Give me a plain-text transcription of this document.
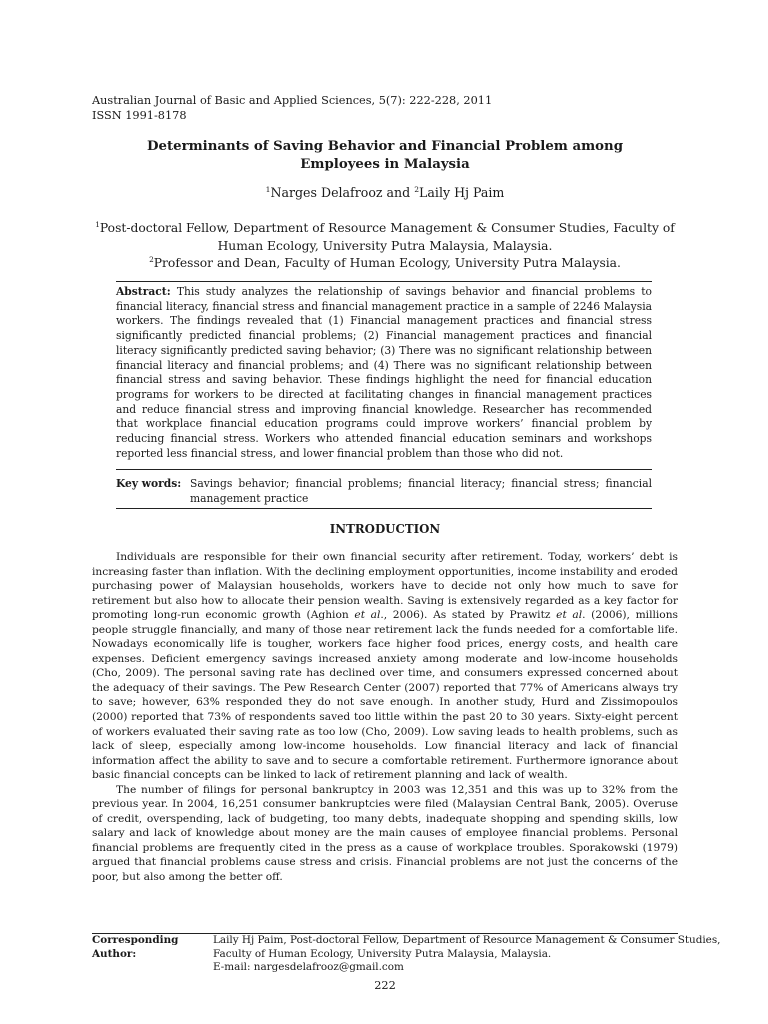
Australian Journal of Basic and Applied Sciences, 5(7): 222-228, 2011
ISSN 1991-8178
Determinants of Saving Behavior and Financial Problem among
Employees in Malaysia
$^1$Narges Delafrooz and $^2$Laily Hj Paim
$^1$Post-doctoral Fellow, Department of Resource Management & Consumer Studies, Faculty of
Human Ecology, University Putra Malaysia, Malaysia.
$^2$Professor and Dean, Faculty of Human Ecology, University Putra Malaysia.
Abstract: This study analyzes the relationship of savings behavior and financial problems to financial literacy, financial stress and financial management practice in a sample of 2246 Malaysia workers. The findings revealed that (1) Financial management practices and financial stress significantly predicted financial problems; (2) Financial management practices and financial literacy significantly predicted saving behavior; (3) There was no significant relationship between financial literacy and financial problems; and (4) There was no significant relationship between financial stress and saving behavior. These findings highlight the need for financial education programs for workers to be directed at facilitating changes in financial management practices and reduce financial stress and improving financial knowledge. Researcher has recommended that workplace financial education programs could improve workers’ financial problem by reducing financial stress. Workers who attended financial education seminars and workshops reported less financial stress, and lower financial problem than those who did not.
Key words: Savings behavior; financial problems; financial literacy; financial stress; financial management practice
INTRODUCTION

Individuals are responsible for their own financial security after retirement. Today, workers’ debt is increasing faster than inflation. With the declining employment opportunities, income instability and eroded purchasing power of Malaysian households, workers have to decide not only how much to save for retirement but also how to allocate their pension wealth. Saving is extensively regarded as a key factor for promoting long-run economic growth (Aghion et al., 2006). As stated by Prawitz et al. (2006), millions people struggle financially, and many of those near retirement lack the funds needed for a comfortable life. Nowadays economically life is tougher, workers face higher food prices, energy costs, and health care expenses. Deficient emergency savings increased anxiety among moderate and low-income households (Cho, 2009). The personal saving rate has declined over time, and consumers expressed concerned about the adequacy of their savings. The Pew Research Center (2007) reported that 77% of Americans always try to save; however, 63% responded they do not save enough. In another study, Hurd and Zissimopoulos (2000) reported that 73% of respondents saved too little within the past 20 to 30 years. Sixty-eight percent of workers evaluated their saving rate as too low (Cho, 2009). Low saving leads to health problems, such as lack of sleep, especially among low-income households. Low financial literacy and lack of financial information affect the ability to save and to secure a comfortable retirement. Furthermore ignorance about basic financial concepts can be linked to lack of retirement planning and lack of wealth.

The number of filings for personal bankruptcy in 2003 was 12,351 and this was up to 32% from the previous year. In 2004, 16,251 consumer bankruptcies were filed (Malaysian Central Bank, 2005). Overuse of credit, overspending, lack of budgeting, too many debts, inadequate shopping and spending skills, low salary and lack of knowledge about money are the main causes of employee financial problems. Personal financial problems are frequently cited in the press as a cause of workplace troubles. Sporakowski (1979) argued that financial problems cause stress and crisis. Financial problems are not just the concerns of the poor, but also among the better off.

Corresponding Author:
Laily Hj Paim, Post-doctoral Fellow, Department of Resource Management & Consumer Studies,
Faculty of Human Ecology, University Putra Malaysia, Malaysia.
E-mail: nargesdelafrooz@gmail.com
222
